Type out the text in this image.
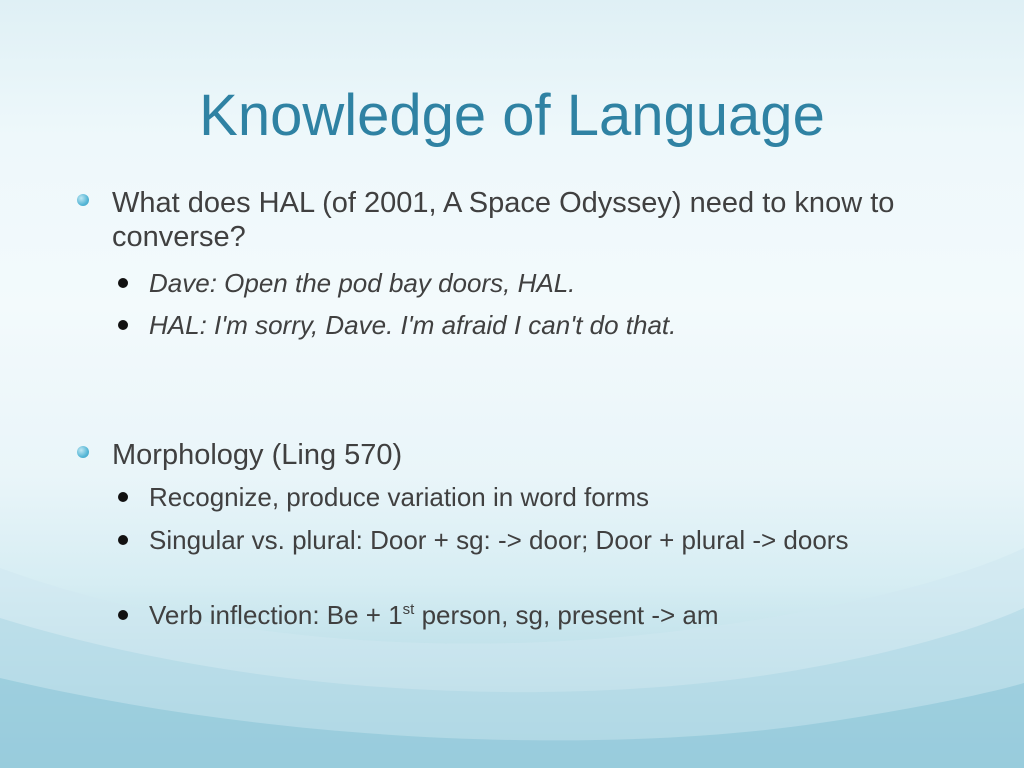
Knowledge of Language
What does HAL (of 2001, A Space Odyssey) need to know to converse?
Dave: Open the pod bay doors, HAL.
HAL: I'm sorry, Dave. I'm afraid I can't do that.
Morphology (Ling 570)
Recognize, produce variation in word forms
Singular vs. plural: Door + sg: -> door; Door + plural -> doors
Verb inflection: Be + 1st person, sg, present -> am
